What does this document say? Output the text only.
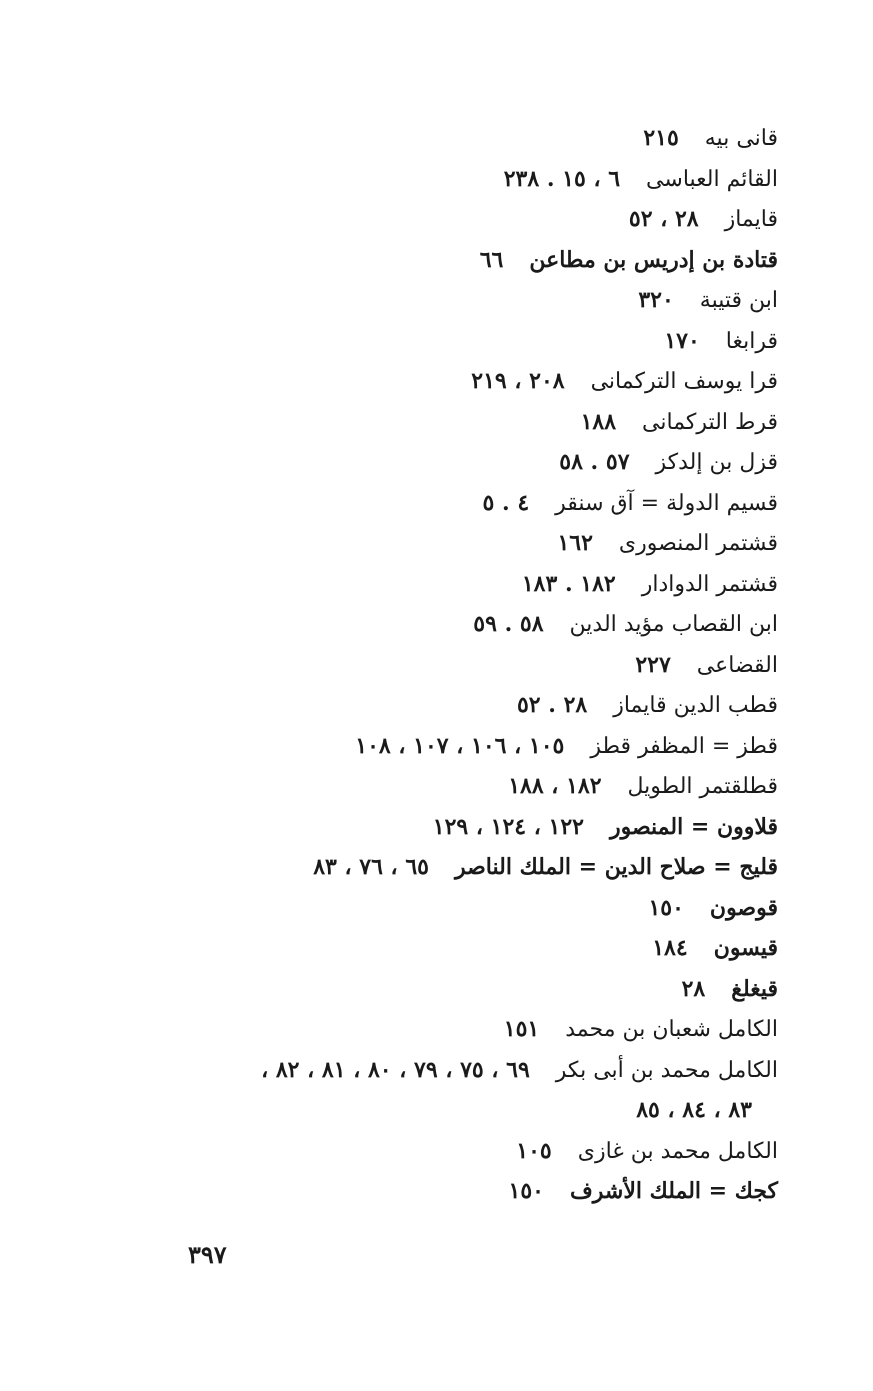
قانى بيه٢١٥
القائم العباسى٦ ، ١٥ . ٢٣٨
قايماز٢٨ ، ٥٢
قتادة بن إدريس بن مطاعن٦٦
ابن قتيبة٣٢٠
قرابغا١٧٠
قرا يوسف التركمانى٢٠٨ ، ٢١٩
قرط التركمانى١٨٨
قزل بن إلدكز٥٧ . ٥٨
قسيم الدولة = آق سنقر٤ . ٥
قشتمر المنصورى١٦٢
قشتمر الدوادار١٨٢ . ١٨٣
ابن القصاب مؤيد الدين٥٨ . ٥٩
القضاعى٢٢٧
قطب الدين قايماز٢٨ . ٥٢
قطز = المظفر قطز١٠٥ ، ١٠٦ ، ١٠٧ ، ١٠٨
قطلقتمر الطويل١٨٢ ، ١٨٨
قلاوون = المنصور١٢٢ ، ١٢٤ ، ١٢٩
قليج = صلاح الدين = الملك الناصر٦٥ ، ٧٦ ، ٨٣
قوصون١٥٠
قيسون١٨٤
قيغلغ٢٨
الكامل شعبان بن محمد١٥١
الكامل محمد بن أبى بكر٦٩ ، ٧٥ ، ٧٩ ، ٨٠ ، ٨١ ، ٨٢ ،
٨٣ ، ٨٤ ، ٨٥
الكامل محمد بن غازى١٠٥
كجك = الملك الأشرف١٥٠
٣٩٧
